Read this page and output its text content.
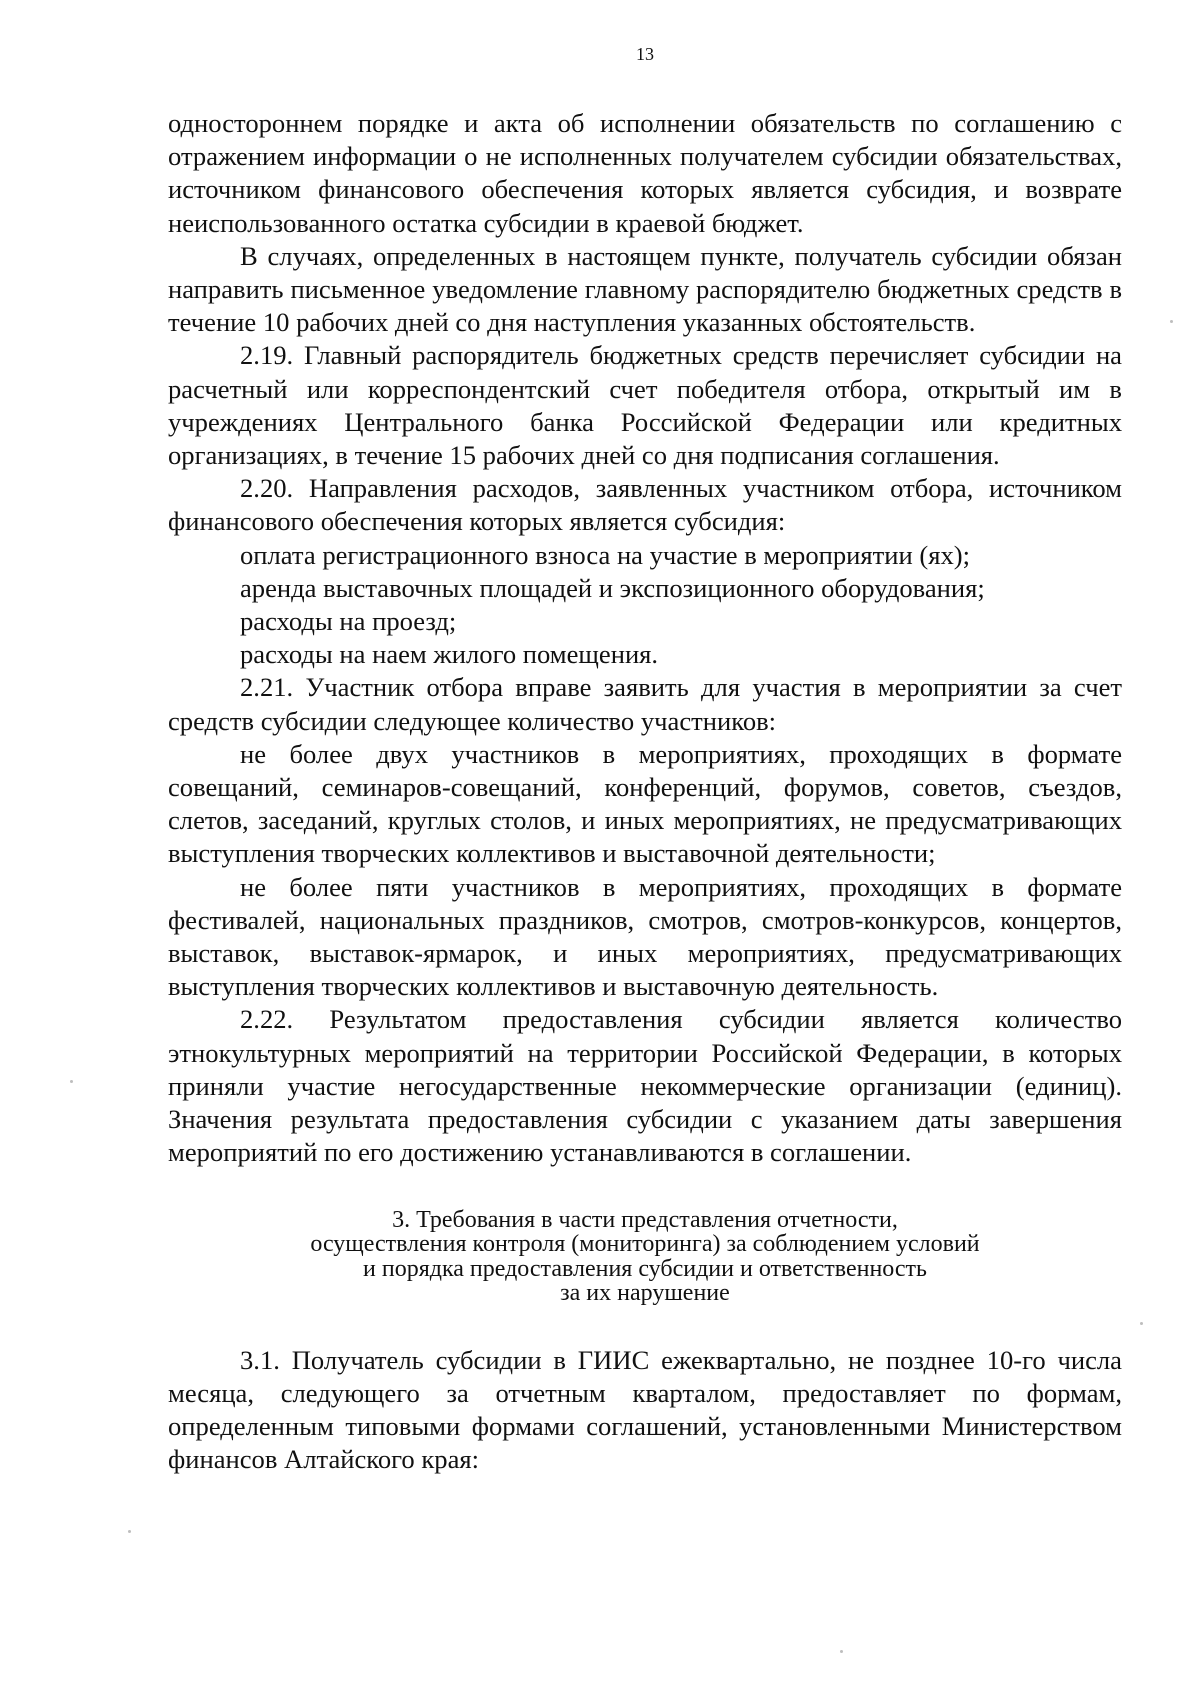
13

одностороннем порядке и акта об исполнении обязательств по соглашению с отражением информации о не исполненных получателем субсидии обязательствах, источником финансового обеспечения которых является субсидия, и возврате неиспользованного остатка субсидии в краевой бюджет.

В случаях, определенных в настоящем пункте, получатель субсидии обязан направить письменное уведомление главному распорядителю бюджетных средств в течение 10 рабочих дней со дня наступления указанных обстоятельств.

2.19. Главный распорядитель бюджетных средств перечисляет субсидии на расчетный или корреспондентский счет победителя отбора, открытый им в учреждениях Центрального банка Российской Федерации или кредитных организациях, в течение 15 рабочих дней со дня подписания соглашения.

2.20. Направления расходов, заявленных участником отбора, источником финансового обеспечения которых является субсидия:

оплата регистрационного взноса на участие в мероприятии (ях);

аренда выставочных площадей и экспозиционного оборудования;

расходы на проезд;

расходы на наем жилого помещения.

2.21. Участник отбора вправе заявить для участия в мероприятии за счет средств субсидии следующее количество участников:

не более двух участников в мероприятиях, проходящих в формате совещаний, семинаров-совещаний, конференций, форумов, советов, съездов, слетов, заседаний, круглых столов, и иных мероприятиях, не предусматривающих выступления творческих коллективов и выставочной деятельности;

не более пяти участников в мероприятиях, проходящих в формате фестивалей, национальных праздников, смотров, смотров-конкурсов, концертов, выставок, выставок-ярмарок, и иных мероприятиях, предусматривающих выступления творческих коллективов и выставочную деятельность.

2.22. Результатом предоставления субсидии является количество этнокультурных мероприятий на территории Российской Федерации, в которых приняли участие негосударственные некоммерческие организации (единиц). Значения результата предоставления субсидии с указанием даты завершения мероприятий по его достижению устанавливаются в соглашении.

3. Требования в части представления отчетности,
осуществления контроля (мониторинга) за соблюдением условий
и порядка предоставления субсидии и ответственность
за их нарушение

3.1. Получатель субсидии в ГИИС ежеквартально, не позднее 10-го числа месяца, следующего за отчетным кварталом, предоставляет по формам, определенным типовыми формами соглашений, установленными Министерством финансов Алтайского края:
